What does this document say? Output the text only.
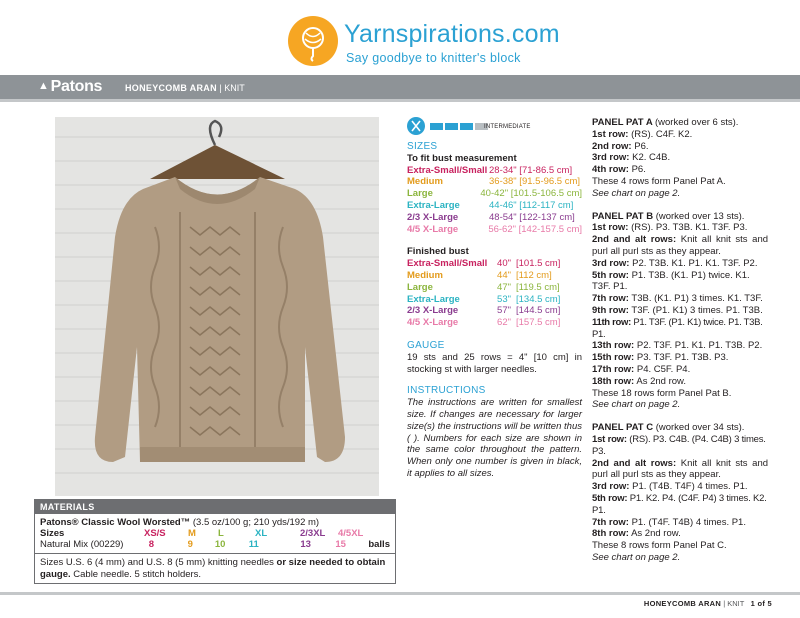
Yarnspirations.com
Say goodbye to knitter's block
▲ Patons	HONEYCOMB ARAN | KNIT
MATERIALS
Patons® Classic Wool Worsted™
(3.5 oz/100 g; 210 yds/192 m)
Sizes	XS/S	M	L	XL	2/3XL	4/5XL
Natural Mix (00229)	8	9	10	11	13	15	balls
Sizes U.S. 6 (4 mm) and U.S. 8 (5 mm) knitting needles or size needed to obtain gauge. Cable needle. 5 stitch holders.
INTERMEDIATE
SIZES
To fit bust measurement
Extra-Small/Small 28-34" [71-86.5 cm]
Medium	36-38" [91.5-96.5 cm]
Large	40-42" [101.5-106.5 cm]
Extra-Large	44-46" [112-117 cm]
2/3 X-Large	48-54" [122-137 cm]
4/5 X-Large	56-62" [142-157.5 cm]
Finished bust
Extra-Small/Small	40" [101.5 cm]
Medium	44" [112 cm]
Large	47" [119.5 cm]
Extra-Large	53" [134.5 cm]
2/3 X-Large	57" [144.5 cm]
4/5 X-Large	62" [157.5 cm]
GAUGE
19 sts and 25 rows = 4" [10 cm] in stocking st with larger needles.
INSTRUCTIONS
The instructions are written for smallest size. If changes are necessary for larger size(s) the instructions will be written thus ( ). Numbers for each size are shown in the same color throughout the pattern. When only one number is given in black, it applies to all sizes.
PANEL PAT A (worked over 6 sts).

1st row: (RS). C4F. K2.

2nd row: P6.

3rd row: K2. C4B.

4th row: P6.

These 4 rows form Panel Pat A.

See chart on page 2.

PANEL PAT B (worked over 13 sts).

1st row: (RS). P3. T3B. K1. T3F. P3.

2nd and alt rows: Knit all knit sts and purl all purl sts as they appear.

3rd row: P2. T3B. K1. P1. K1. T3F. P2.

5th row: P1. T3B. (K1. P1) twice. K1. T3F. P1.

7th row: T3B. (K1. P1) 3 times. K1. T3F.

9th row: T3F. (P1. K1) 3 times. P1. T3B.

11th row: P1. T3F. (P1. K1) twice. P1. T3B. P1.

13th row: P2. T3F. P1. K1. P1. T3B. P2.

15th row: P3. T3F. P1. T3B. P3.

17th row: P4. C5F. P4.

18th row: As 2nd row.

These 18 rows form Panel Pat B.

See chart on page 2.

PANEL PAT C (worked over 34 sts).

1st row: (RS). P3. C4B. (P4. C4B) 3 times. P3.

2nd and alt rows: Knit all knit sts and purl all purl sts as they appear.

3rd row: P1. (T4B. T4F) 4 times. P1.

5th row: P1. K2. P4. (C4F. P4) 3 times. K2. P1.

7th row: P1. (T4F. T4B) 4 times. P1.

8th row: As 2nd row.

These 8 rows form Panel Pat C.

See chart on page 2.

HONEYCOMB ARAN | KNIT 1 of 5
